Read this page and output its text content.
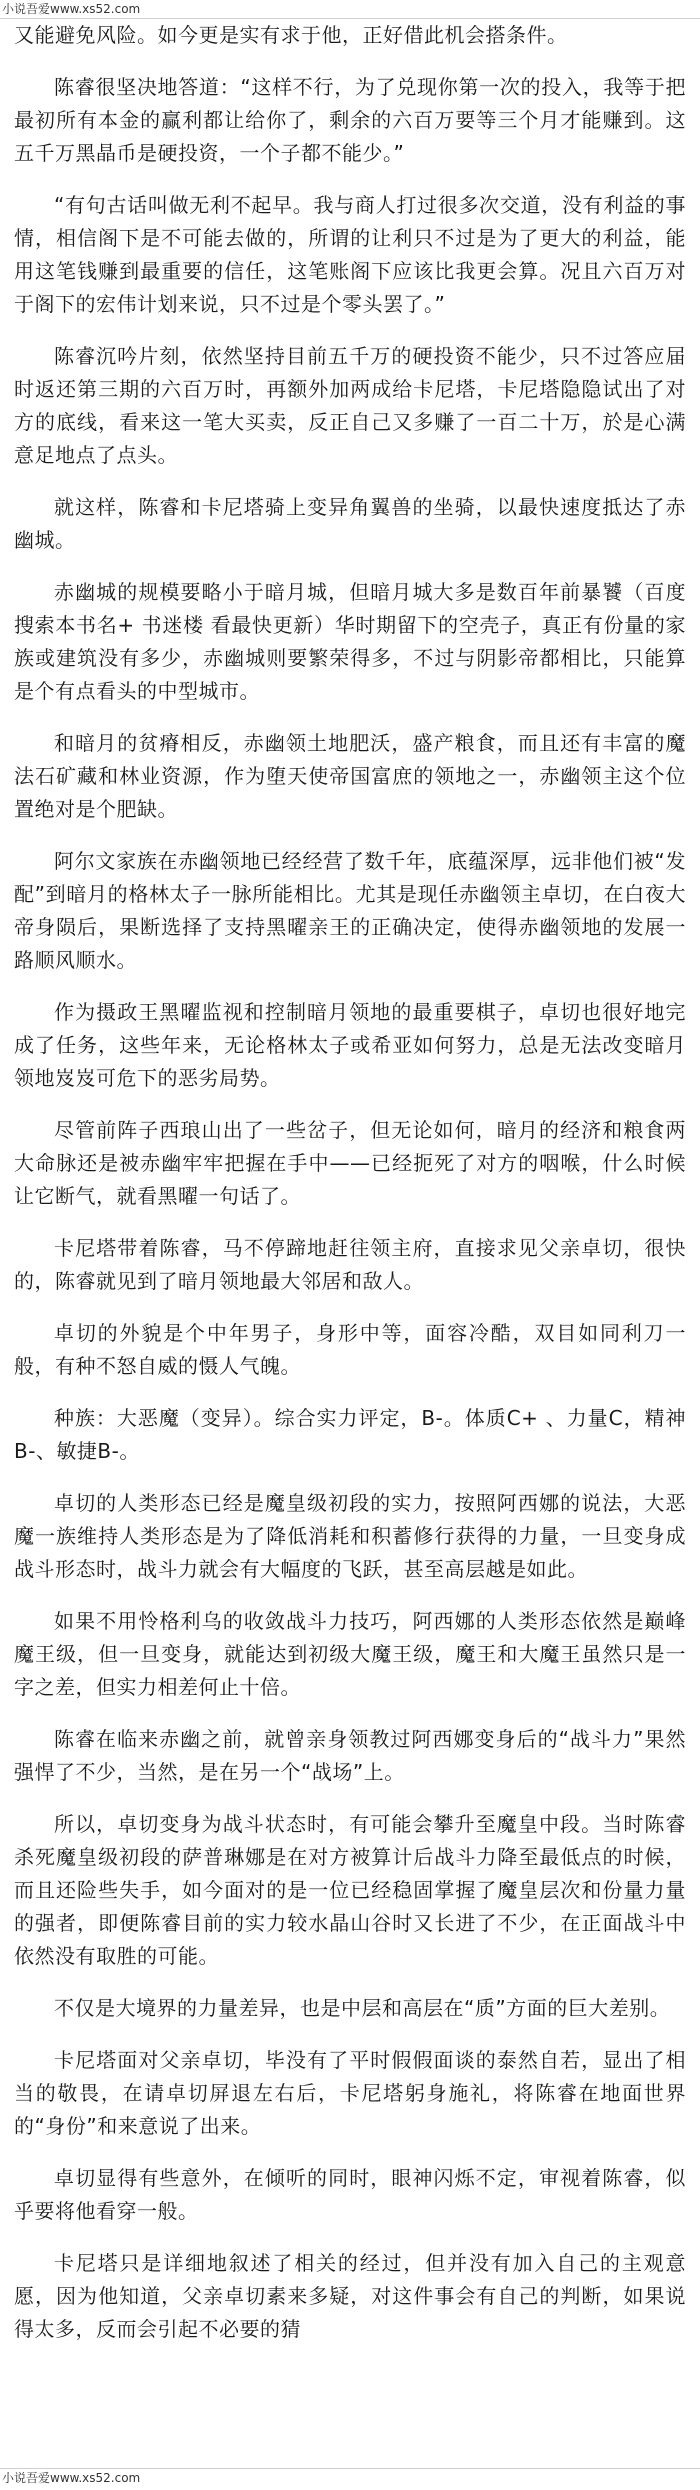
小说吾爱www.xs52.com

又能避免风险。如今更是实有求于他，正好借此机会搭条件。

陈睿很坚决地答道：“这样不行，为了兑现你第一次的投入，我等于把最初所有本金的赢利都让给你了，剩余的六百万要等三个月才能赚到。这五千万黑晶币是硬投资，一个子都不能少。”

“有句古话叫做无利不起早。我与商人打过很多次交道，没有利益的事情，相信阁下是不可能去做的，所谓的让利只不过是为了更大的利益，能用这笔钱赚到最重要的信任，这笔账阁下应该比我更会算。况且六百万对于阁下的宏伟计划来说，只不过是个零头罢了。”

陈睿沉吟片刻，依然坚持目前五千万的硬投资不能少，只不过答应届时返还第三期的六百万时，再额外加两成给卡尼塔，卡尼塔隐隐试出了对方的底线，看来这一笔大买卖，反正自己又多赚了一百二十万，於是心满意足地点了点头。

就这样，陈睿和卡尼塔骑上变异角翼兽的坐骑，以最快速度抵达了赤幽城。

赤幽城的规模要略小于暗月城，但暗月城大多是数百年前暴饕（百度搜索本书名+ 书迷楼 看最快更新）华时期留下的空壳子，真正有份量的家族或建筑没有多少，赤幽城则要繁荣得多，不过与阴影帝都相比，只能算是个有点看头的中型城市。

和暗月的贫瘠相反，赤幽领土地肥沃，盛产粮食，而且还有丰富的魔法石矿藏和林业资源，作为堕天使帝国富庶的领地之一，赤幽领主这个位置绝对是个肥缺。

阿尔文家族在赤幽领地已经经营了数千年，底蕴深厚，远非他们被“发配”到暗月的格林太子一脉所能相比。尤其是现任赤幽领主卓切，在白夜大帝身陨后，果断选择了支持黑曜亲王的正确决定，使得赤幽领地的发展一路顺风顺水。

作为摄政王黑曜监视和控制暗月领地的最重要棋子，卓切也很好地完成了任务，这些年来，无论格林太子或希亚如何努力，总是无法改变暗月领地岌岌可危下的恶劣局势。

尽管前阵子西琅山出了一些岔子，但无论如何，暗月的经济和粮食两大命脉还是被赤幽牢牢把握在手中——已经扼死了对方的咽喉，什么时候让它断气，就看黑曜一句话了。

卡尼塔带着陈睿，马不停蹄地赶往领主府，直接求见父亲卓切，很快的，陈睿就见到了暗月领地最大邻居和敌人。

卓切的外貌是个中年男子，身形中等，面容冷酷，双目如同利刀一般，有种不怒自威的慑人气魄。

种族：大恶魔（变异）。综合实力评定，B-。体质C+ 、力量C，精神B-、敏捷B-。

卓切的人类形态已经是魔皇级初段的实力，按照阿西娜的说法，大恶魔一族维持人类形态是为了降低消耗和积蓄修行获得的力量，一旦变身成战斗形态时，战斗力就会有大幅度的飞跃，甚至高层越是如此。

如果不用怜格利乌的收敛战斗力技巧，阿西娜的人类形态依然是巅峰魔王级，但一旦变身，就能达到初级大魔王级，魔王和大魔王虽然只是一字之差，但实力相差何止十倍。

陈睿在临来赤幽之前，就曾亲身领教过阿西娜变身后的“战斗力”果然强悍了不少，当然，是在另一个“战场”上。

所以，卓切变身为战斗状态时，有可能会攀升至魔皇中段。当时陈睿杀死魔皇级初段的萨普琳娜是在对方被算计后战斗力降至最低点的时候，而且还险些失手，如今面对的是一位已经稳固掌握了魔皇层次和份量力量的强者，即便陈睿目前的实力较水晶山谷时又长进了不少，在正面战斗中依然没有取胜的可能。

不仅是大境界的力量差异，也是中层和高层在“质”方面的巨大差别。

卡尼塔面对父亲卓切，毕没有了平时假假面谈的泰然自若，显出了相当的敬畏，在请卓切屏退左右后，卡尼塔躬身施礼，将陈睿在地面世界的“身份”和来意说了出来。

卓切显得有些意外，在倾听的同时，眼神闪烁不定，审视着陈睿，似乎要将他看穿一般。

卡尼塔只是详细地叙述了相关的经过，但并没有加入自己的主观意愿，因为他知道，父亲卓切素来多疑，对这件事会有自己的判断，如果说得太多，反而会引起不必要的猜

小说吾爱www.xs52.com
